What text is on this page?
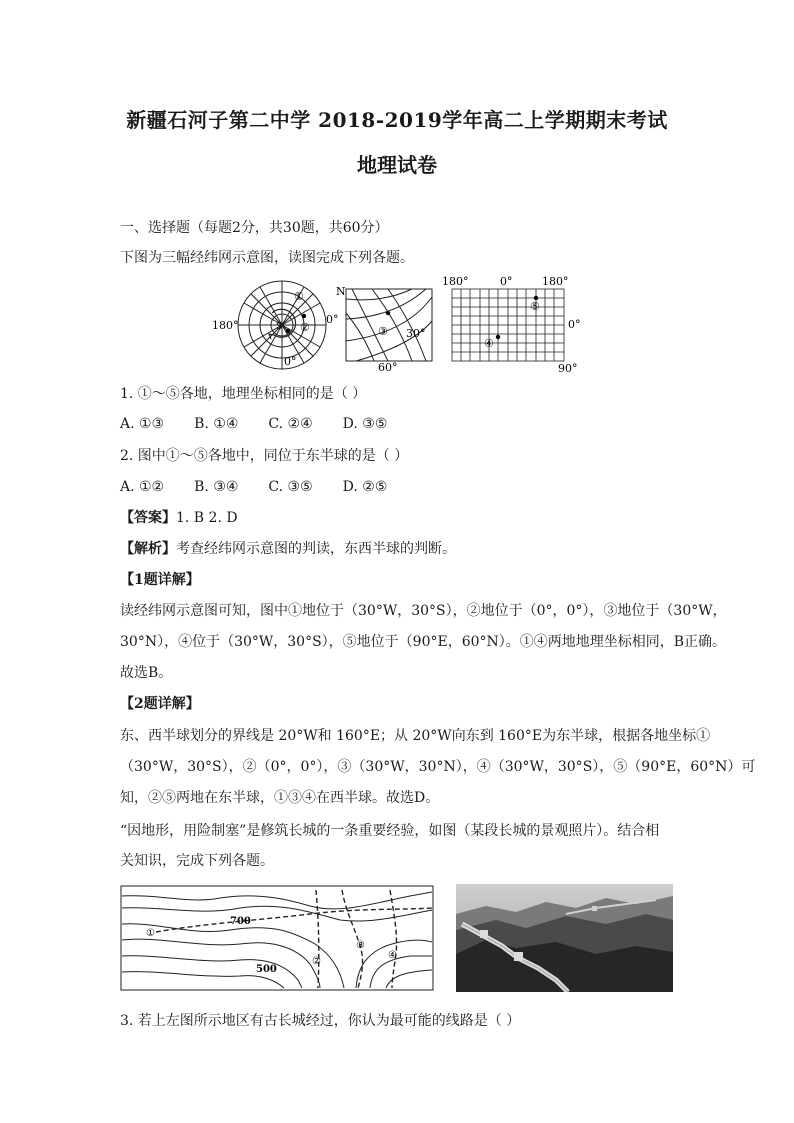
新疆石河子第二中学 2018-2019学年高二上学期期末考试
地理试卷
一、选择题（每题2分，共30题，共60分）
下图为三幅经纬网示意图，读图完成下列各题。
①
②
180°	0°
0°
S
N
③ 30°
60°
180°	0°	180°
0°
90°
④
⑤
1. ①～⑤各地，地理坐标相同的是（ ）
A. ①③ B. ①④ C. ②④ D. ③⑤
2. 图中①～⑤各地中，同位于东半球的是（ ）
A. ①② B. ③④ C. ③⑤ D. ②⑤
【答案】1. B 2. D
【解析】考查经纬网示意图的判读，东西半球的判断。
【1题详解】
读经纬网示意图可知，图中①地位于（30°W，30°S），②地位于（0°，0°），③地位于（30°W，
30°N），④位于（30°W，30°S），⑤地位于（90°E，60°N）。①④两地地理坐标相同，B正确。
故选B。
【2题详解】
东、西半球划分的界线是 20°W和 160°E；从 20°W向东到 160°E为东半球，根据各地坐标①
（30°W，30°S），②（0°，0°），③（30°W，30°N），④（30°W，30°S），⑤（90°E，60°N）可
知，②⑤两地在东半球，①③④在西半球。故选D。
“因地形，用险制塞”是修筑长城的一条重要经验，如图（某段长城的景观照片）。结合相
关知识，完成下列各题。
①
②
③
④
700
500
3. 若上左图所示地区有古长城经过，你认为最可能的线路是（ ）
